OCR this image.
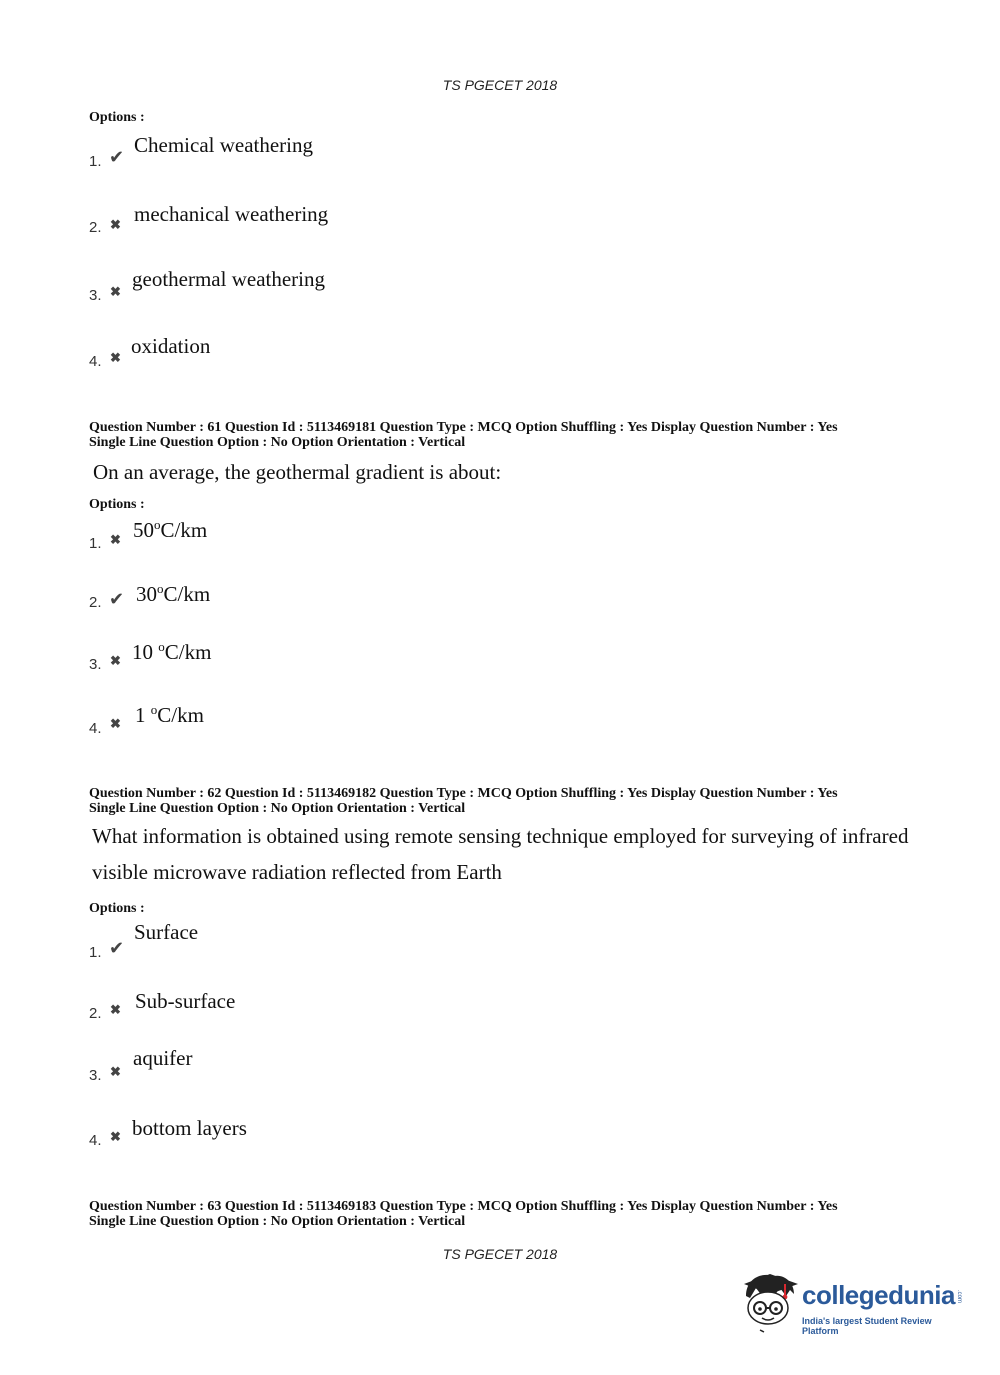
TS PGECET 2018
Options :
1. ✔ Chemical weathering
2. ✖ mechanical weathering
3. ✖
geothermal weathering
4. ✖ oxidation
Question Number : 61 Question Id : 5113469181 Question Type : MCQ Option Shuffling : Yes Display Question Number : Yes
Single Line Question Option : No Option Orientation : Vertical
On an average, the geothermal gradient is about:
Options :
1. ✖ 50$^o$C/km
2. ✔ 30$^o$C/km
3. ✖ 10 $^o$C/km
4. ✖ 1 $^o$C/km
Question Number : 62 Question Id : 5113469182 Question Type : MCQ Option Shuffling : Yes Display Question Number : Yes
Single Line Question Option : No Option Orientation : Vertical
What information is obtained using remote sensing technique employed for surveying of infrared
visible microwave radiation reflected from Earth
Options :
1. ✔
Surface
2. ✖ Sub-surface
3. ✖
aquifer
4. ✖ bottom layers
Question Number : 63 Question Id : 5113469183 Question Type : MCQ Option Shuffling : Yes Display Question Number : Yes
Single Line Question Option : No Option Orientation : Vertical
TS PGECET 2018
collegedunia .com
India's largest Student Review Platform
